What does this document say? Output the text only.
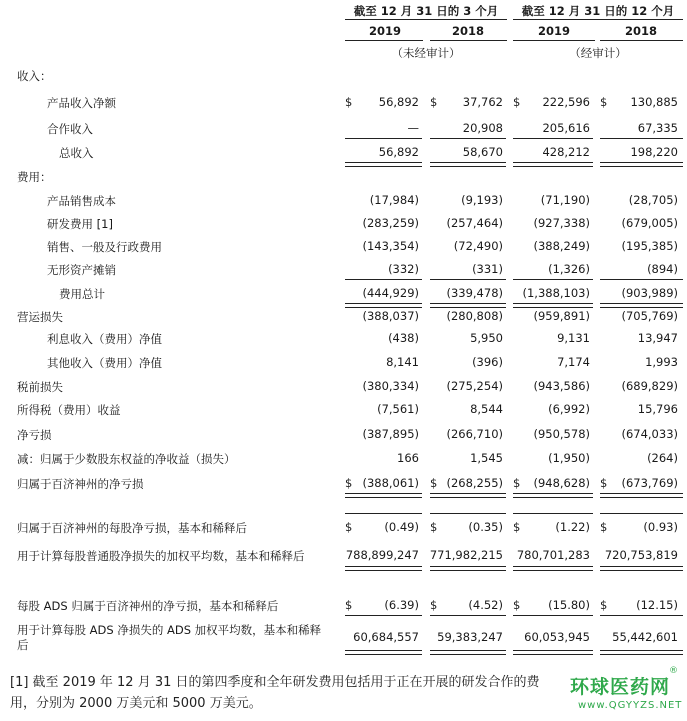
截至 12 月 31 日的 3 个月	截至 12 月 31 日的 12 个月
2019	2018	2019	2018
（未经审计）	（经审计）
收入：
产品收入净额	$	56,892 $	37,762 $	222,596 $	130,885
合作收入	—	20,908	205,616	67,335
总收入	56,892	58,670	428,212	198,220
费用：
产品销售成本	(17,984)	(9,193)	(71,190)	(28,705)
研发费用 [1]	(283,259)	(257,464)	(927,338)	(679,005)
销售、一般及行政费用	(143,354)	(72,490)	(388,249)	(195,385)
无形资产摊销	(332)	(331)	(1,326)	(894)
费用总计	(444,929)	(339,478)	(1,388,103)	(903,989)
营运损失	(388,037)	(280,808)	(959,891)	(705,769)
利息收入（费用）净值	(438)	5,950	9,131	13,947
其他收入（费用）净值	8,141	(396)	7,174	1,993
税前损失	(380,334)	(275,254)	(943,586)	(689,829)
所得税（费用）收益	(7,561)	8,544	(6,992)	15,796
净亏损	(387,895)	(266,710)	(950,578)	(674,033)
减：归属于少数股东权益的净收益（损失）	166	1,545	(1,950)	(264)
归属于百济神州的净亏损	$ (388,061) $ (268,255) $	(948,628) $	(673,769)
归属于百济神州的每股净亏损，基本和稀释后	$	(0.49) $	(0.35) $	(1.22) $	(0.93)
用于计算每股普通股净损失的加权平均数，基本和稀释后	788,899,247 771,982,215	780,701,283	720,753,819
每股 ADS 归属于百济神州的净亏损，基本和稀释后	$	(6.39) $	(4.52) $	(15.80) $	(12.15)
用于计算每股 ADS 净损失的 ADS 加权平均数，基本和稀释
后
60,684,557	59,383,247	60,053,945	55,442,601
[1] 截至 2019 年 12 月 31 日的第四季度和全年研发费用包括用于正在开展的研发合作的费
用，分别为 2000 万美元和 5000 万美元。
环球医药网
®
www.QGYYZS.NET
